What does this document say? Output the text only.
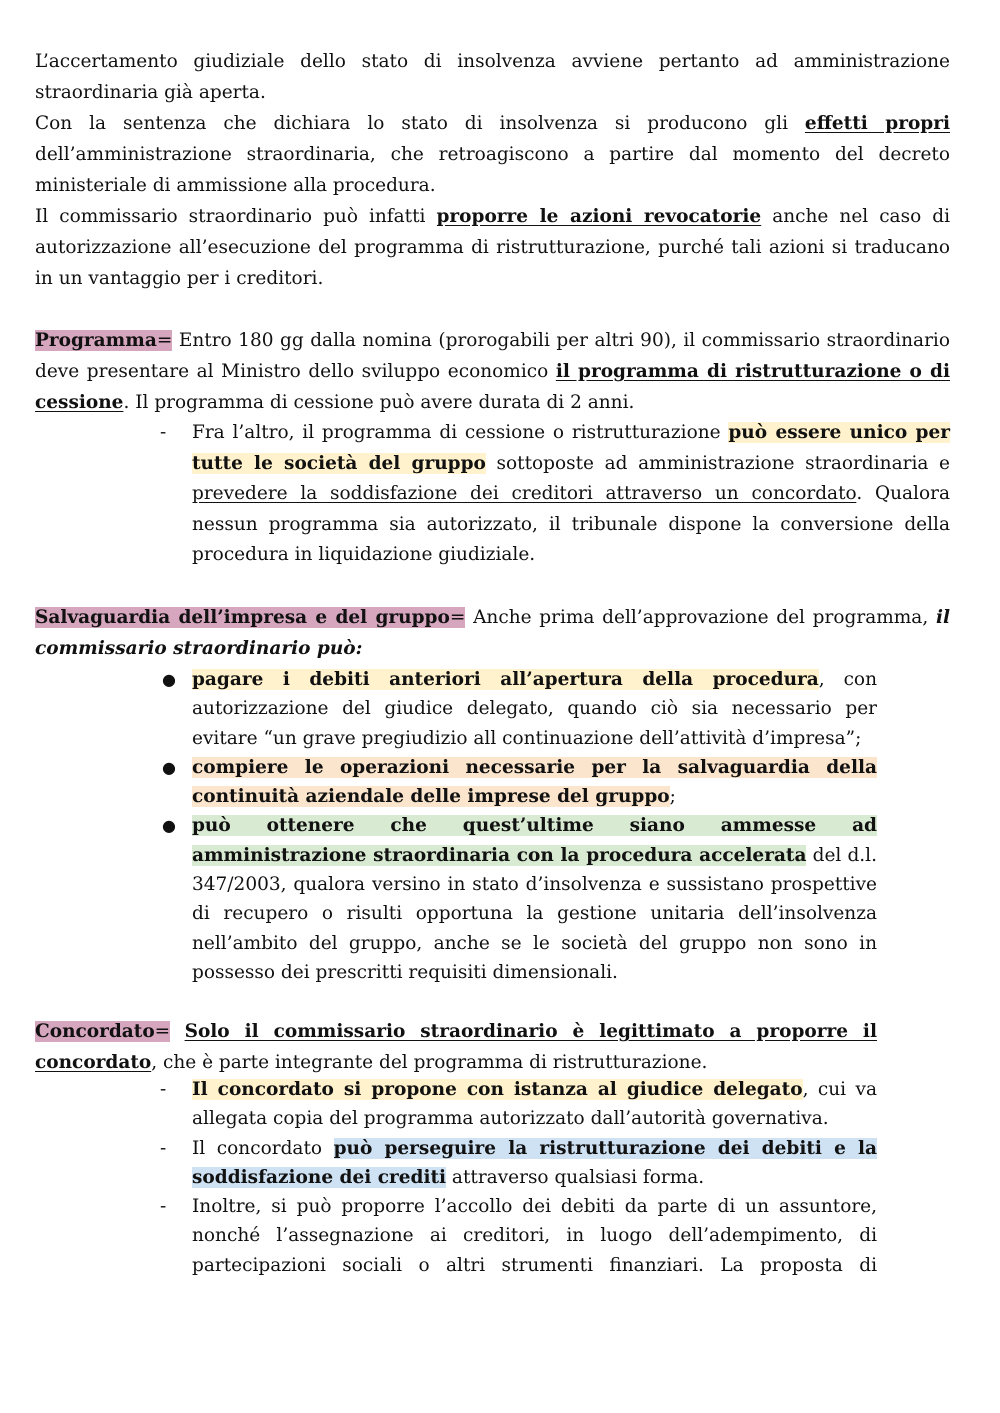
L’accertamento giudiziale dello stato di insolvenza avviene pertanto ad amministrazione straordinaria già aperta.

Con la sentenza che dichiara lo stato di insolvenza si producono gli effetti propri dell’amministrazione straordinaria, che retroagiscono a partire dal momento del decreto ministeriale di ammissione alla procedura.

Il commissario straordinario può infatti proporre le azioni revocatorie anche nel caso di autorizzazione all’esecuzione del programma di ristrutturazione, purché tali azioni si traducano in un vantaggio per i creditori.

Programma= Entro 180 gg dalla nomina (prorogabili per altri 90), il commissario straordinario deve presentare al Ministro dello sviluppo economico il programma di ristrutturazione o di cessione. Il programma di cessione può avere durata di 2 anni.

- Fra l’altro, il programma di cessione o ristrutturazione può essere unico per tutte le società del gruppo sottoposte ad amministrazione straordinaria e prevedere la soddisfazione dei creditori attraverso un concordato. Qualora nessun programma sia autorizzato, il tribunale dispone la conversione della procedura in liquidazione giudiziale.

Salvaguardia dell’impresa e del gruppo= Anche prima dell’approvazione del programma, il commissario straordinario può:

● pagare i debiti anteriori all’apertura della procedura, con autorizzazione del giudice delegato, quando ciò sia necessario per evitare “un grave pregiudizio all continuazione dell’attività d’impresa”;
● compiere le operazioni necessarie per la salvaguardia della continuità aziendale delle imprese del gruppo;
● può ottenere che quest’ultime siano ammesse ad amministrazione straordinaria con la procedura accelerata del d.l. 347/2003, qualora versino in stato d’insolvenza e sussistano prospettive di recupero o risulti opportuna la gestione unitaria dell’insolvenza nell’ambito del gruppo, anche se le società del gruppo non sono in possesso dei prescritti requisiti dimensionali.

Concordato= Solo il commissario straordinario è legittimato a proporre il concordato, che è parte integrante del programma di ristrutturazione.

- Il concordato si propone con istanza al giudice delegato, cui va allegata copia del programma autorizzato dall’autorità governativa.
- Il concordato può perseguire la ristrutturazione dei debiti e la soddisfazione dei crediti attraverso qualsiasi forma.
- Inoltre, si può proporre l’accollo dei debiti da parte di un assuntore, nonché l’assegnazione ai creditori, in luogo dell’adempimento, di partecipazioni sociali o altri strumenti finanziari. La proposta di
